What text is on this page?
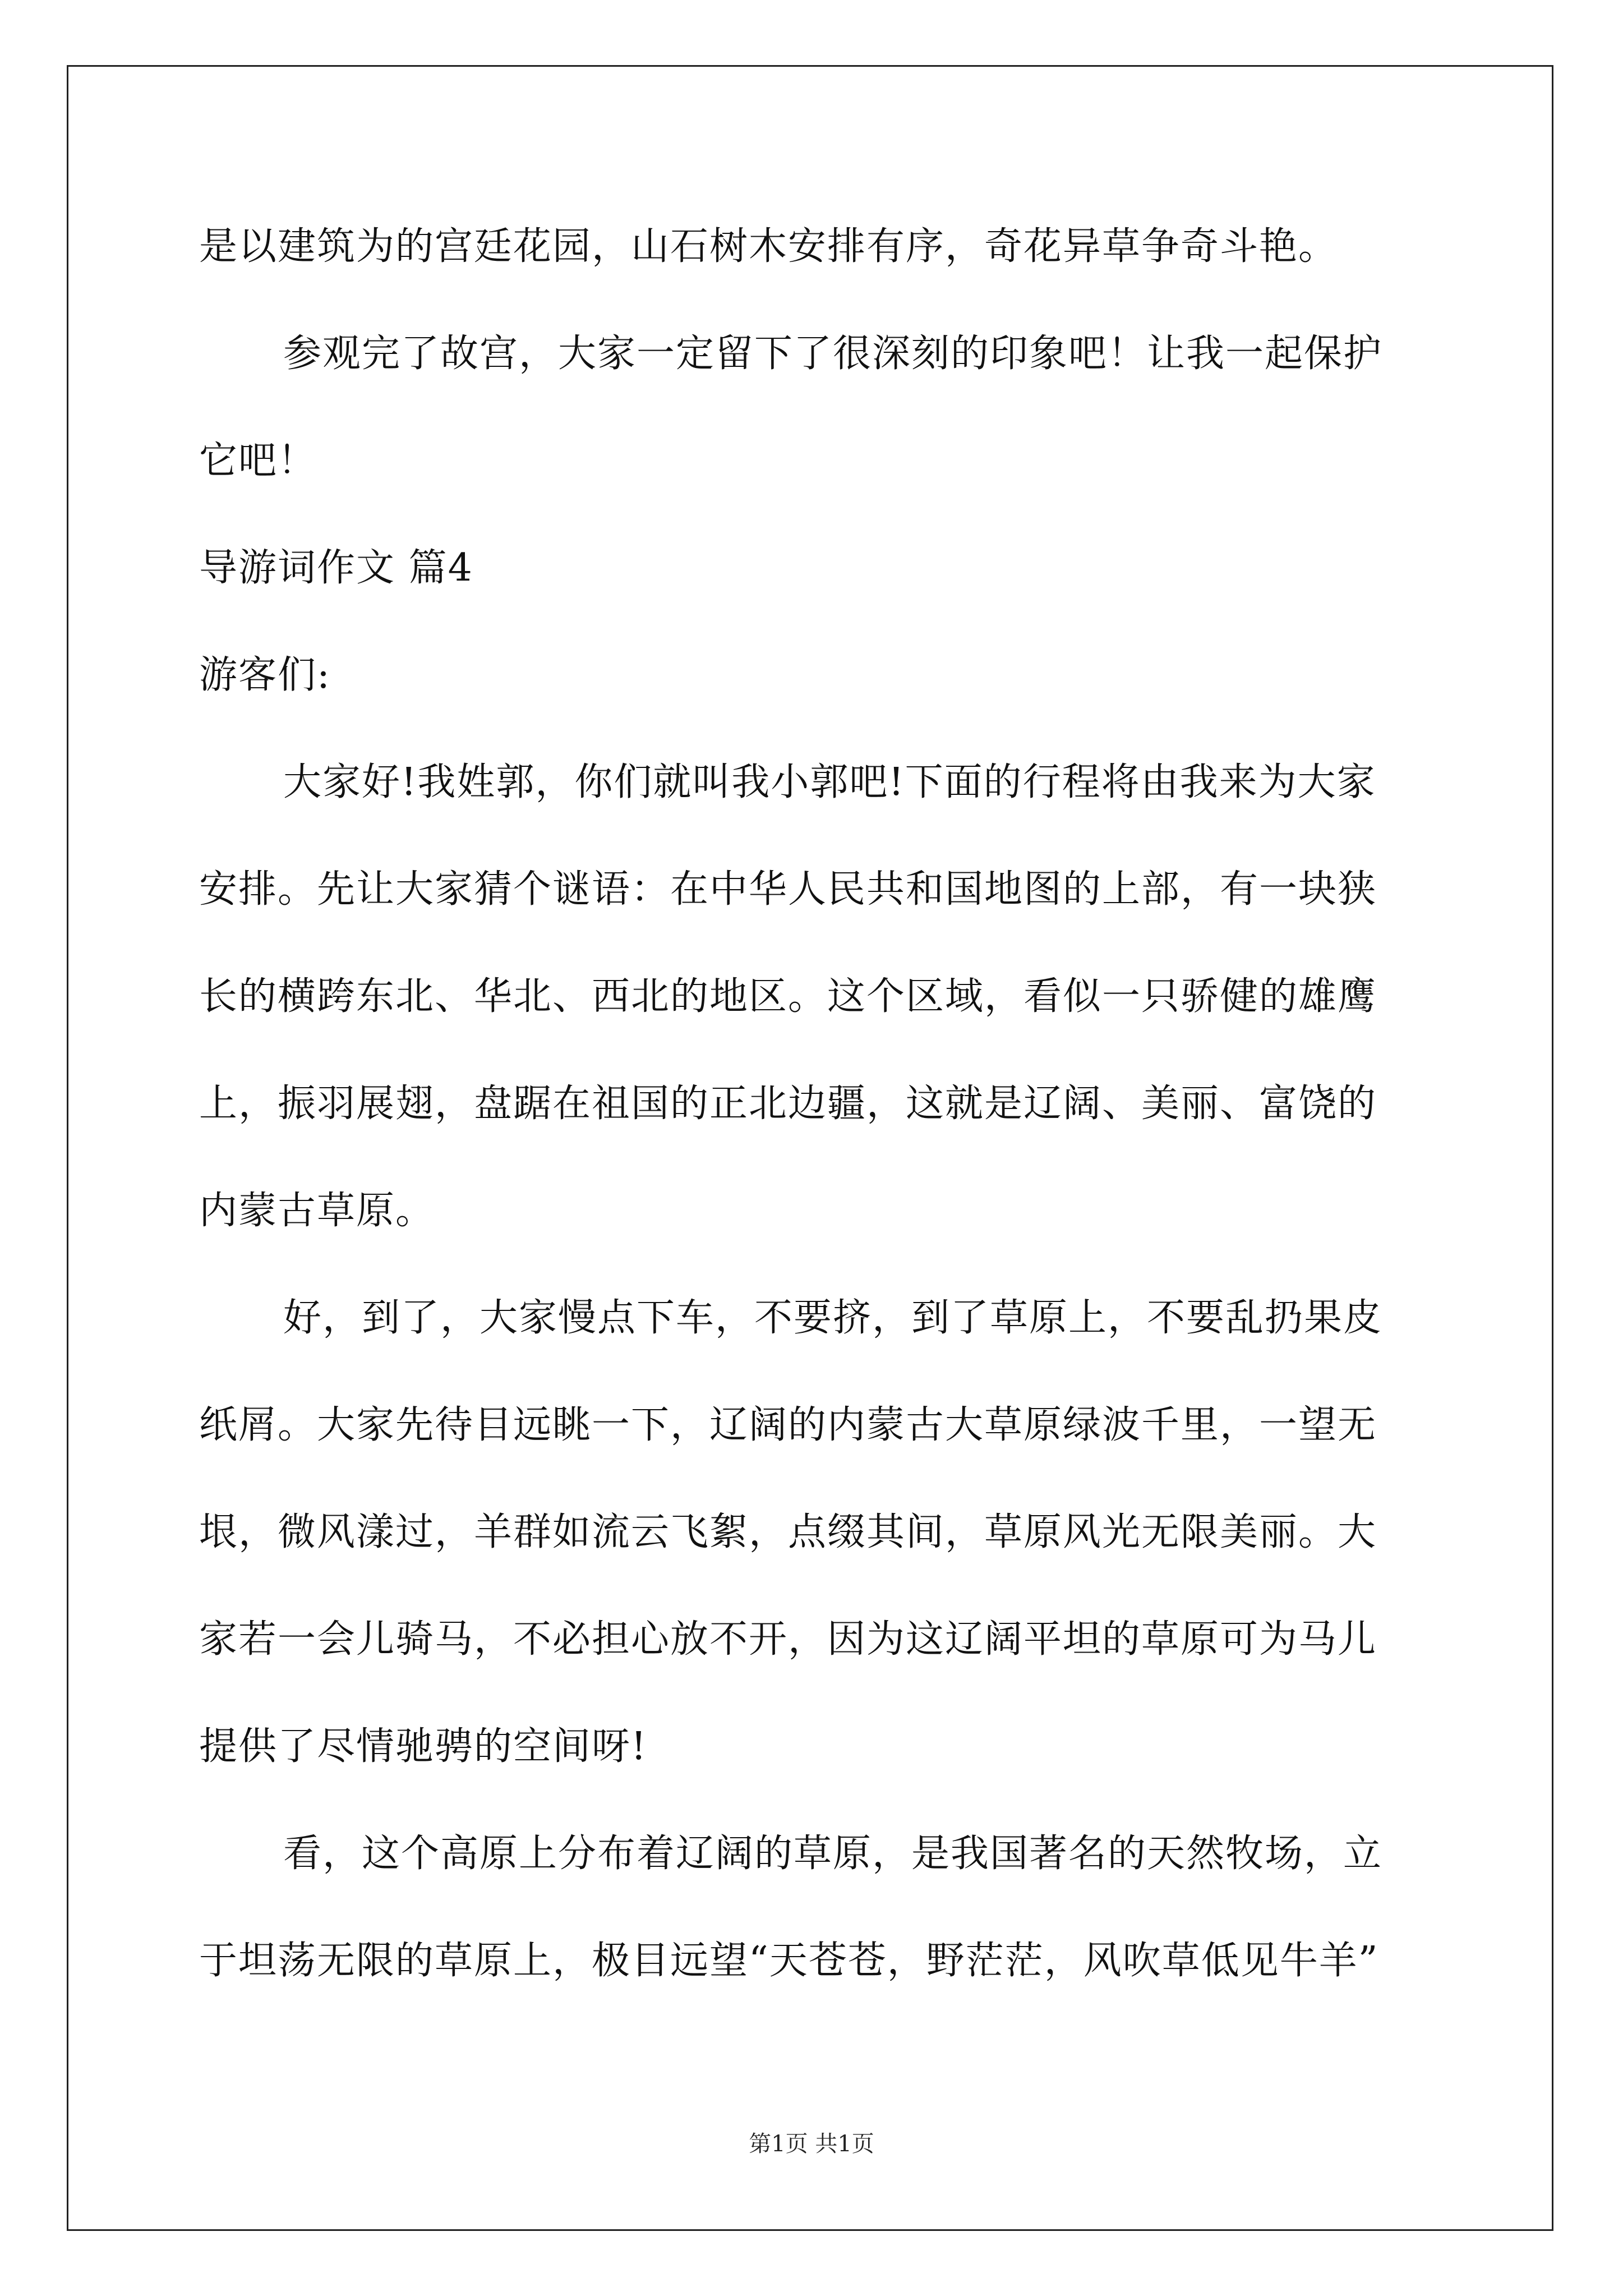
是以建筑为的宫廷花园，山石树木安排有序，奇花异草争奇斗艳。
参观完了故宫，大家一定留下了很深刻的印象吧！让我一起保护
它吧！
导游词作文 篇4
游客们:
大家好!我姓郭，你们就叫我小郭吧!下面的行程将由我来为大家
安排。先让大家猜个谜语：在中华人民共和国地图的上部，有一块狭
长的横跨东北、华北、西北的地区。这个区域，看似一只骄健的雄鹰
上，振羽展翅，盘踞在祖国的正北边疆，这就是辽阔、美丽、富饶的
内蒙古草原。
好，到了，大家慢点下车，不要挤，到了草原上，不要乱扔果皮
纸屑。大家先待目远眺一下，辽阔的内蒙古大草原绿波千里，一望无
垠，微风漾过，羊群如流云飞絮，点缀其间，草原风光无限美丽。大
家若一会儿骑马，不必担心放不开，因为这辽阔平坦的草原可为马儿
提供了尽情驰骋的空间呀!
看，这个高原上分布着辽阔的草原，是我国著名的天然牧场，立
于坦荡无限的草原上，极目远望“天苍苍，野茫茫，风吹草低见牛羊”
第1页 共1页
